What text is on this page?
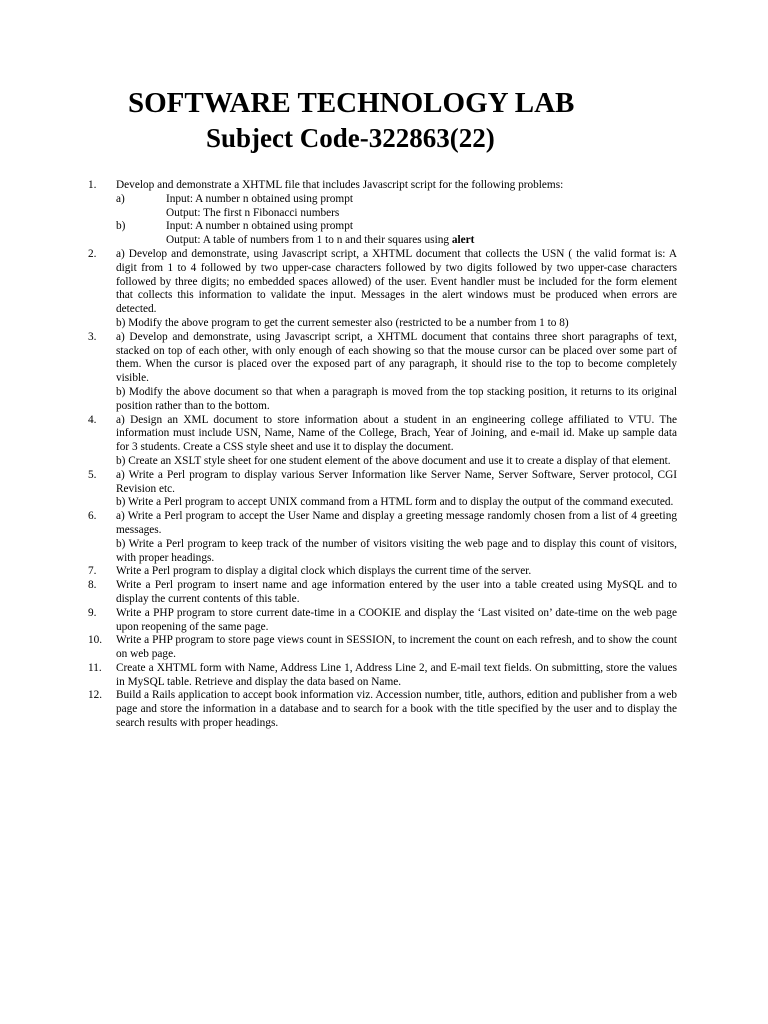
SOFTWARE TECHNOLOGY LAB
Subject Code-322863(22)
1.	Develop and demonstrate a XHTML file that includes Javascript script for the following problems:
a)	Input: A number n obtained using prompt
Output: The first n Fibonacci numbers
b)	Input: A number n obtained using prompt
Output: A table of numbers from 1 to n and their squares using alert
2.	a) Develop and demonstrate, using Javascript script, a XHTML document that collects the USN ( the valid format is: A digit from 1 to 4 followed by two upper-case characters followed by two digits followed by two upper-case characters followed by three digits; no embedded spaces allowed) of the user. Event handler must be included for the form element that collects this information to validate the input. Messages in the alert windows must be produced when errors are detected.
b) Modify the above program to get the current semester also (restricted to be a number from 1 to 8)
3.	a) Develop and demonstrate, using Javascript script, a XHTML document that contains three short paragraphs of text, stacked on top of each other, with only enough of each showing so that the mouse cursor can be placed over some part of them. When the cursor is placed over the exposed part of any paragraph, it should rise to the top to become completely visible.
b) Modify the above document so that when a paragraph is moved from the top stacking position, it returns to its original position rather than to the bottom.
4.	a) Design an XML document to store information about a student in an engineering college affiliated to VTU. The information must include USN, Name, Name of the College, Brach, Year of Joining, and e-mail id. Make up sample data for 3 students. Create a CSS style sheet and use it to display the document.
b) Create an XSLT style sheet for one student element of the above document and use it to create a display of that element.
5.	a) Write a Perl program to display various Server Information like Server Name, Server Software, Server protocol, CGI Revision etc.
b) Write a Perl program to accept UNIX command from a HTML form and to display the output of the command executed.
6.	a) Write a Perl program to accept the User Name and display a greeting message randomly chosen from a list of 4 greeting messages.
b) Write a Perl program to keep track of the number of visitors visiting the web page and to display this count of visitors, with proper headings.
7.	Write a Perl program to display a digital clock which displays the current time of the server.
8.	Write a Perl program to insert name and age information entered by the user into a table created using MySQL and to display the current contents of this table.
9.	Write a PHP program to store current date-time in a COOKIE and display the ‘Last visited on’ date-time on the web page upon reopening of the same page.
10.	Write a PHP program to store page views count in SESSION, to increment the count on each refresh, and to show the count on web page.
11.	Create a XHTML form with Name, Address Line 1, Address Line 2, and E-mail text fields. On submitting, store the values in MySQL table. Retrieve and display the data based on Name.
12.	Build a Rails application to accept book information viz. Accession number, title, authors, edition and publisher from a web page and store the information in a database and to search for a book with the title specified by the user and to display the search results with proper headings.
